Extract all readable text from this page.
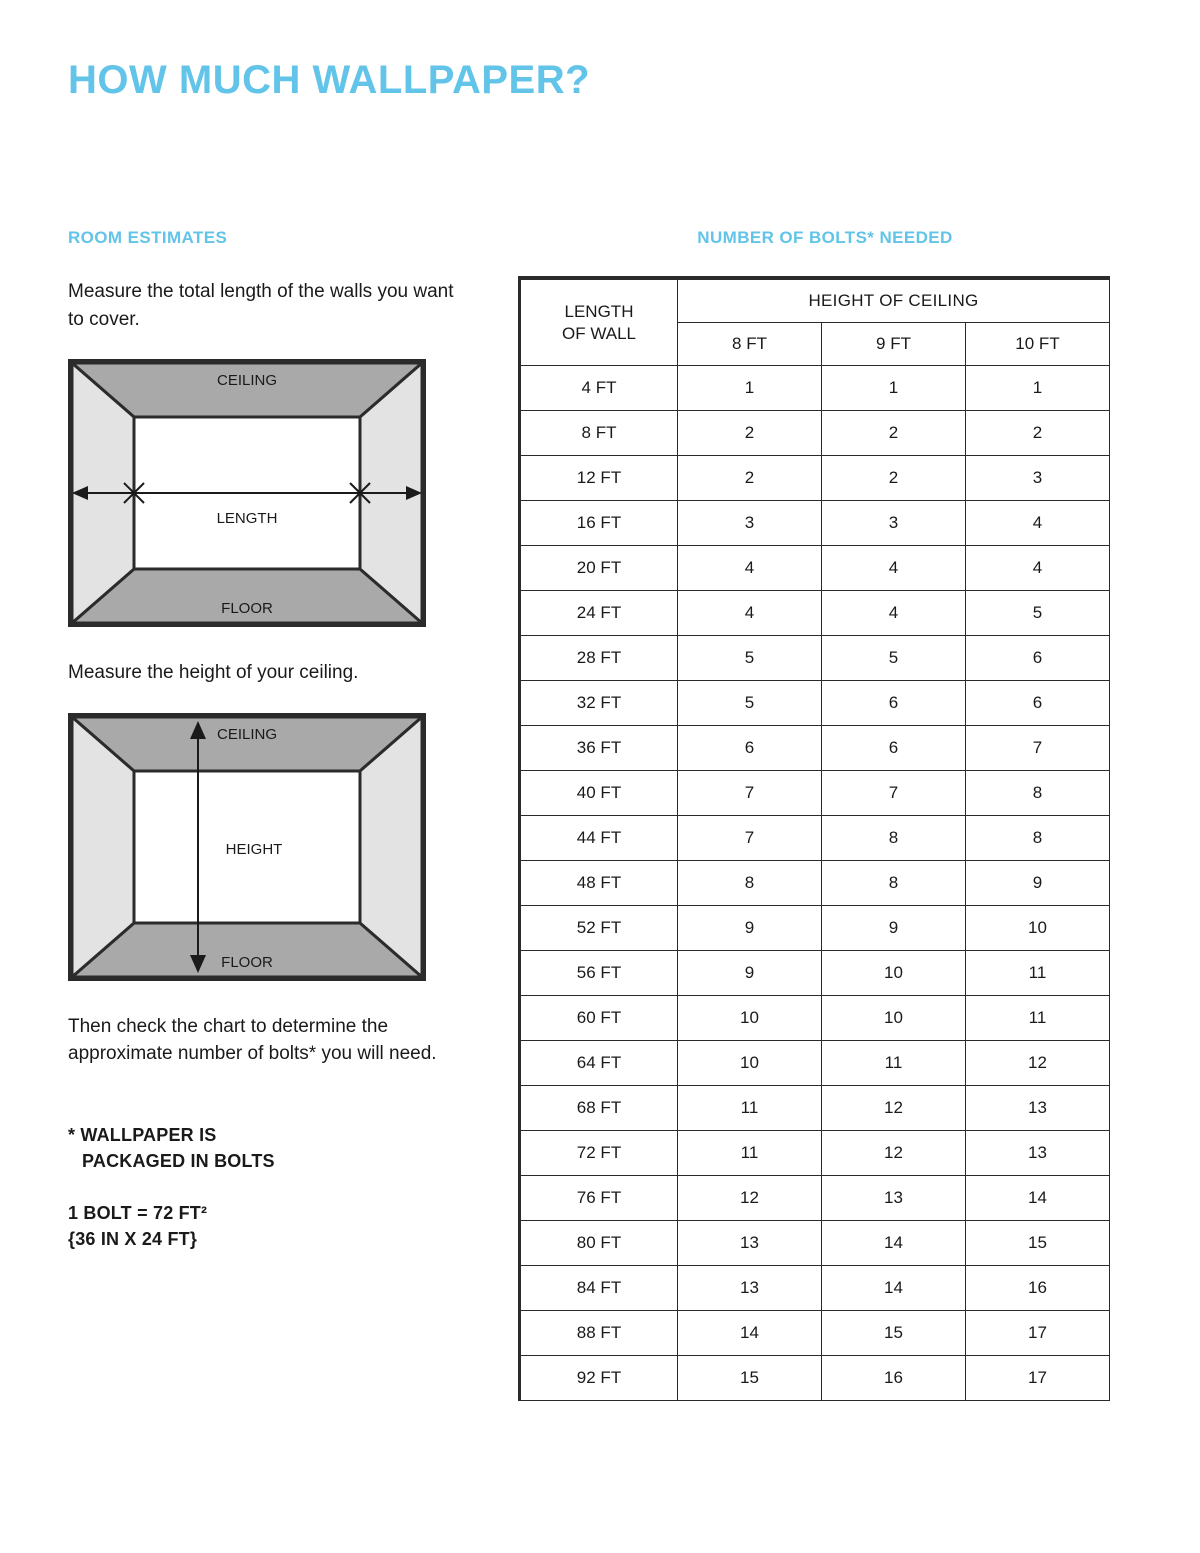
HOW MUCH WALLPAPER?
ROOM ESTIMATES

Measure the total length of the walls you want to cover.

CEILING
FLOOR
LENGTH

Measure the height of your ceiling.

CEILING
FLOOR
HEIGHT

Then check the chart to determine the approximate number of bolts* you will need.

* WALLPAPER IS
PACKAGED IN BOLTS
1 BOLT = 72 FT²
{36 IN X 24 FT}
NUMBER OF BOLTS* NEEDED
LENGTH
OF WALL	HEIGHT OF CEILING		
	8 FT	9 FT	10 FT
4 FT	1	1	1
8 FT	2	2	2
12 FT	2	2	3
16 FT	3	3	4
20 FT	4	4	4
24 FT	4	4	5
28 FT	5	5	6
32 FT	5	6	6
36 FT	6	6	7
40 FT	7	7	8
44 FT	7	8	8
48 FT	8	8	9
52 FT	9	9	10
56 FT	9	10	11
60 FT	10	10	11
64 FT	10	11	12
68 FT	11	12	13
72 FT	11	12	13
76 FT	12	13	14
80 FT	13	14	15
84 FT	13	14	16
88 FT	14	15	17
92 FT	15	16	17
